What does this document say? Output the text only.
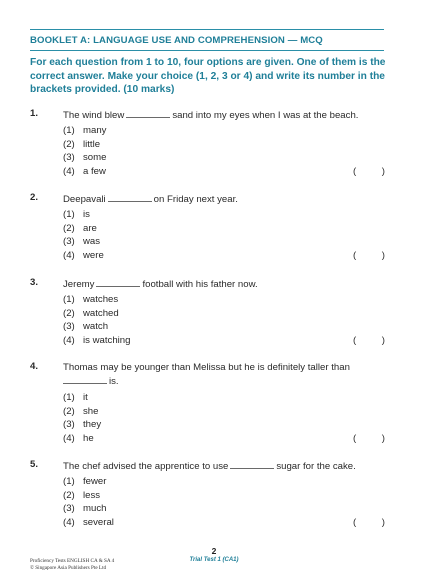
BOOKLET A: LANGUAGE USE AND COMPREHENSION — MCQ
For each question from 1 to 10, four options are given. One of them is the correct answer. Make your choice (1, 2, 3 or 4) and write its number in the brackets provided. (10 marks)
1.	The wind blew	sand into my eyes when I was at the beach.
(1) many
(2) little
(3) some
(4) a few	(	)
2.	Deepavali	on Friday next year.
(1) is
(2) are
(3) was
(4) were	(	)
3.	Jeremy	football with his father now.
(1) watches
(2) watched
(3) watch
(4) is watching	(	)
4.	Thomas may be younger than Melissa but he is definitely taller than
is.
(1) it
(2) she
(3) they
(4) he	(	)
5.	The chef advised the apprentice to use	sugar for the cake.
(1) fewer
(2) less
(3) much
(4) several	(	)
Proficiency Tests ENGLISH CA & SA 4
© Singapore Asia Publishers Pte Ltd
2
Trial Test 1 (CA1)
